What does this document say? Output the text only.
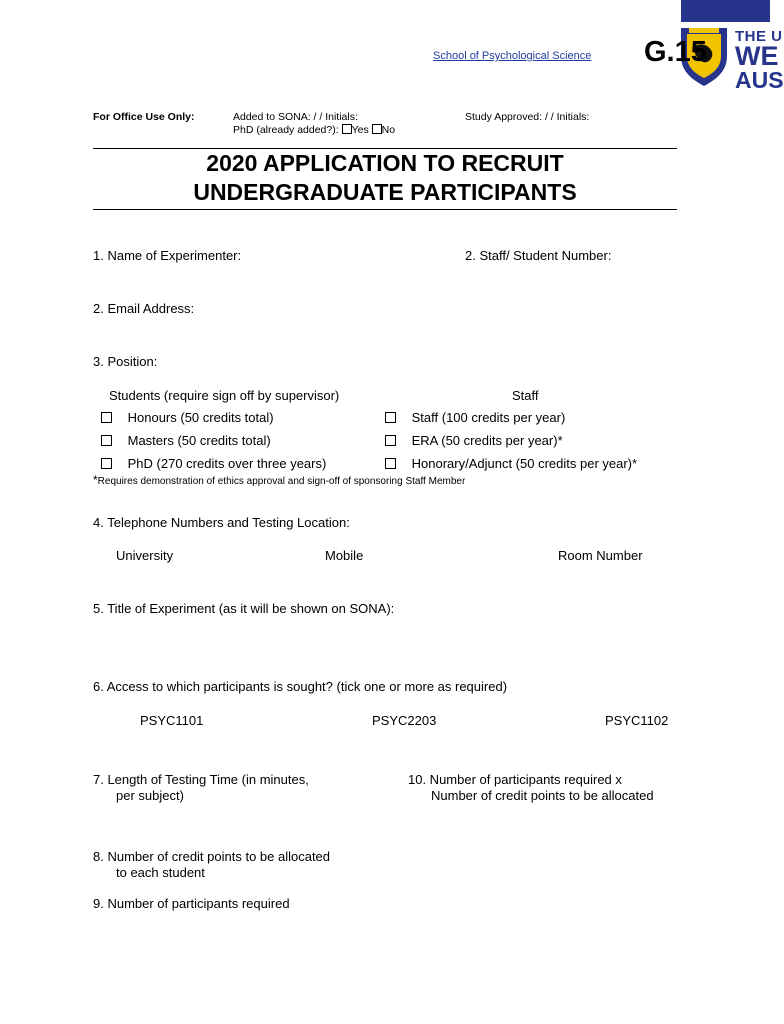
THE U
WE
AUS
School of Psychological Science G.15
For Office Use Only:	Added to SONA: / / Initials:	Study Approved: / / Initials:
PhD (already added?): Yes No
2020 APPLICATION TO RECRUIT
UNDERGRADUATE PARTICIPANTS
1. Name of Experimenter:	2. Staff/ Student Number:
2. Email Address:
3. Position:
Students (require sign off by supervisor)	Staff
Honours (50 credits total)
Masters (50 credits total)
PhD (270 credits over three years)
Staff (100 credits per year)
ERA (50 credits per year)*
Honorary/Adjunct (50 credits per year)*
*Requires demonstration of ethics approval and sign-off of sponsoring Staff Member
4. Telephone Numbers and Testing Location:
University	Mobile	Room Number
5. Title of Experiment (as it will be shown on SONA):
6. Access to which participants is sought? (tick one or more as required)
PSYC1101	PSYC2203	PSYC1102
7. Length of Testing Time (in minutes,
per subject)
10. Number of participants required x
Number of credit points to be allocated
8. Number of credit points to be allocated
to each student
9. Number of participants required
